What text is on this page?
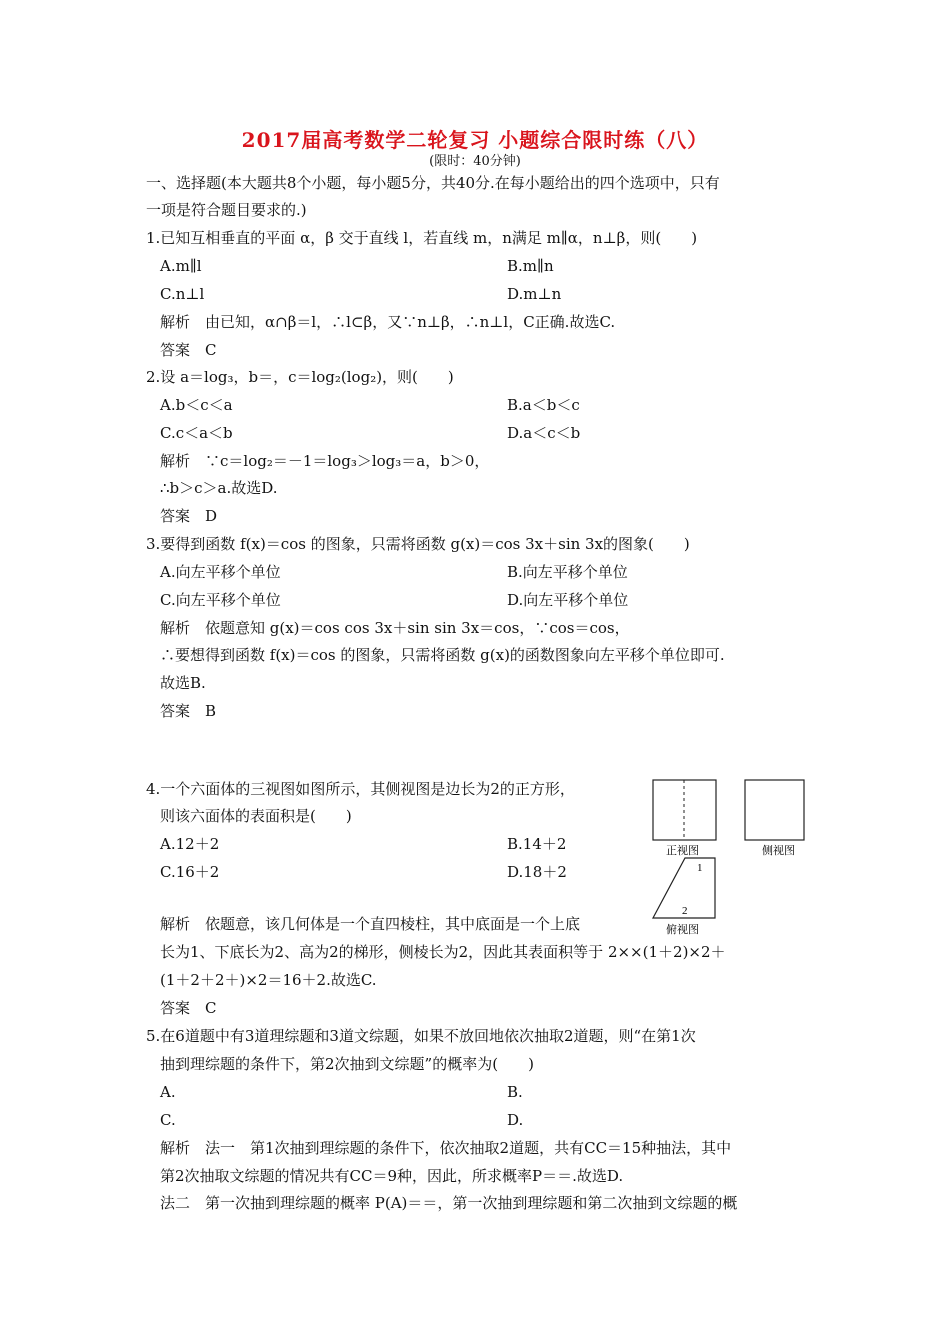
2017届高考数学二轮复习 小题综合限时练（八）
(限时：40分钟)
一、选择题(本大题共8个小题，每小题5分，共40分.在每小题给出的四个选项中，只有
一项是符合题目要求的.)
1.已知互相垂直的平面 α，β 交于直线 l，若直线 m，n满足 m∥α，n⊥β，则(　　)
A.m∥l	B.m∥n
C.n⊥l	D.m⊥n
解析　由已知，α∩β＝l，∴l⊂β，又∵n⊥β，∴n⊥l，C正确.故选C.
答案　C
2.设 a＝log₃，b＝，c＝log₂(log₂)，则(　　)
A.b＜c＜a	B.a＜b＜c
C.c＜a＜b	D.a＜c＜b
解析　∵c＝log₂＝－1＝log₃＞log₃＝a，b＞0，
∴b＞c＞a.故选D.
答案　D
3.要得到函数 f(x)＝cos 的图象，只需将函数 g(x)＝cos 3x＋sin 3x的图象(　　)
A.向左平移个单位	B.向左平移个单位
C.向左平移个单位	D.向左平移个单位
解析　依题意知 g(x)＝cos cos 3x＋sin sin 3x＝cos，∵cos＝cos，
∴要想得到函数 f(x)＝cos 的图象，只需将函数 g(x)的函数图象向左平移个单位即可.
故选B.
答案　B
4.一个六面体的三视图如图所示，其侧视图是边长为2的正方形，
则该六面体的表面积是(　　)
A.12＋2	B.14＋2
C.16＋2	D.18＋2
正视图	侧视图
1
2
俯视图
解析　依题意，该几何体是一个直四棱柱，其中底面是一个上底
长为1、下底长为2、高为2的梯形，侧棱长为2，因此其表面积等于 2××(1＋2)×2＋
(1＋2＋2＋)×2＝16＋2.故选C.
答案　C
5.在6道题中有3道理综题和3道文综题，如果不放回地依次抽取2道题，则“在第1次
抽到理综题的条件下，第2次抽到文综题”的概率为(　　)
A.	B.
C.	D.
解析　法一　第1次抽到理综题的条件下，依次抽取2道题，共有CC＝15种抽法，其中
第2次抽取文综题的情况共有CC＝9种，因此，所求概率P＝＝.故选D.
法二　第一次抽到理综题的概率 P(A)＝＝，第一次抽到理综题和第二次抽到文综题的概
